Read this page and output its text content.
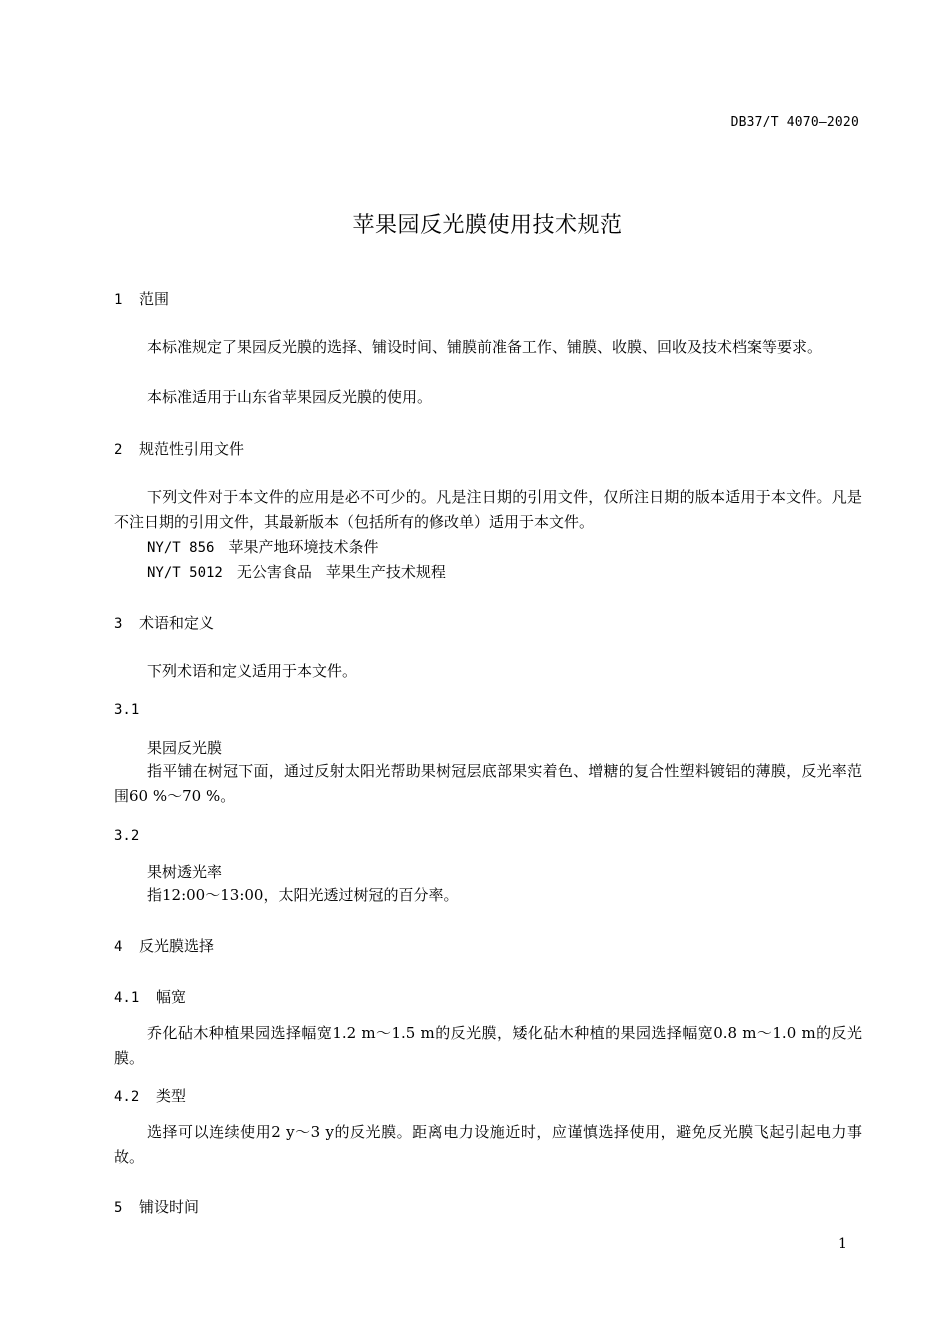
DB37/T 4070—2020
苹果园反光膜使用技术规范
1 范围
本标准规定了果园反光膜的选择、铺设时间、铺膜前准备工作、铺膜、收膜、回收及技术档案等要求。
本标准适用于山东省苹果园反光膜的使用。
2 规范性引用文件
下列文件对于本文件的应用是必不可少的。凡是注日期的引用文件，仅所注日期的版本适用于本文件。凡是不注日期的引用文件，其最新版本（包括所有的修改单）适用于本文件。
NY/T 856 苹果产地环境技术条件
NY/T 5012 无公害食品 苹果生产技术规程
3 术语和定义
下列术语和定义适用于本文件。
3.1
果园反光膜
指平铺在树冠下面，通过反射太阳光帮助果树冠层底部果实着色、增糖的复合性塑料镀铝的薄膜，反光率范围60 %～70 %。
3.2
果树透光率
指12:00～13:00，太阳光透过树冠的百分率。
4 反光膜选择
4.1 幅宽
乔化砧木种植果园选择幅宽1.2 m～1.5 m的反光膜，矮化砧木种植的果园选择幅宽0.8 m～1.0 m的反光膜。
4.2 类型
选择可以连续使用2 y～3 y的反光膜。距离电力设施近时，应谨慎选择使用，避免反光膜飞起引起电力事故。
5 铺设时间
1
